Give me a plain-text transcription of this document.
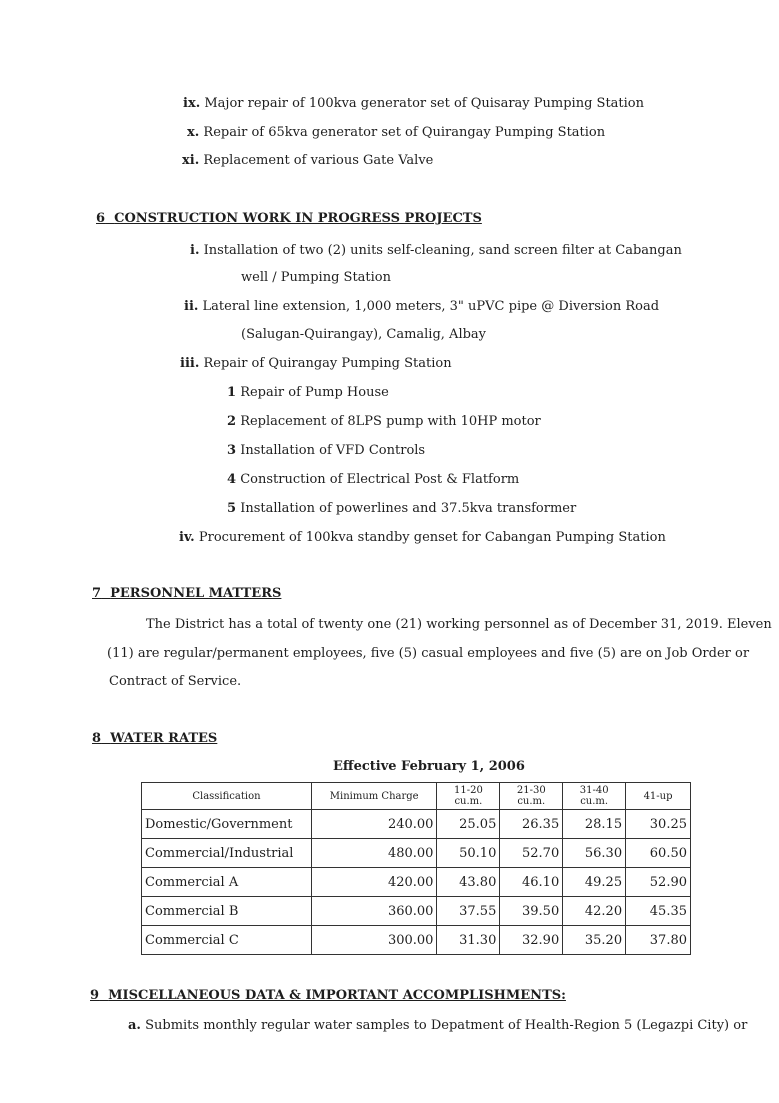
ix. Major repair of 100kva generator set of Quisaray Pumping Station
x. Repair of 65kva generator set of Quirangay Pumping Station
xi. Replacement of various Gate Valve
6 CONSTRUCTION WORK IN PROGRESS PROJECTS
i. Installation of two (2) units self-cleaning, sand screen filter at Cabangan
well / Pumping Station
ii. Lateral line extension, 1,000 meters, 3" uPVC pipe @ Diversion Road
(Salugan-Quirangay), Camalig, Albay
iii. Repair of Quirangay Pumping Station
1 Repair of Pump House
2 Replacement of 8LPS pump with 10HP motor
3 Installation of VFD Controls
4 Construction of Electrical Post & Flatform
5 Installation of powerlines and 37.5kva transformer
iv. Procurement of 100kva standby genset for Cabangan Pumping Station
7 PERSONNEL MATTERS
The District has a total of twenty one (21) working personnel as of December 31, 2019. Eleven
(11) are regular/permanent employees, five (5) casual employees and five (5) are on Job Order or
Contract of Service.
8 WATER RATES
Effective February 1, 2006
Classification	Minimum Charge	11-20 cu.m.	21-30 cu.m.	31-40 cu.m.	41-up
Domestic/Government	240.00	25.05	26.35	28.15	30.25
Commercial/Industrial	480.00	50.10	52.70	56.30	60.50
Commercial A	420.00	43.80	46.10	49.25	52.90
Commercial B	360.00	37.55	39.50	42.20	45.35
Commercial C	300.00	31.30	32.90	35.20	37.80
9 MISCELLANEOUS DATA & IMPORTANT ACCOMPLISHMENTS:
a. Submits monthly regular water samples to Depatment of Health-Region 5 (Legazpi City) or
